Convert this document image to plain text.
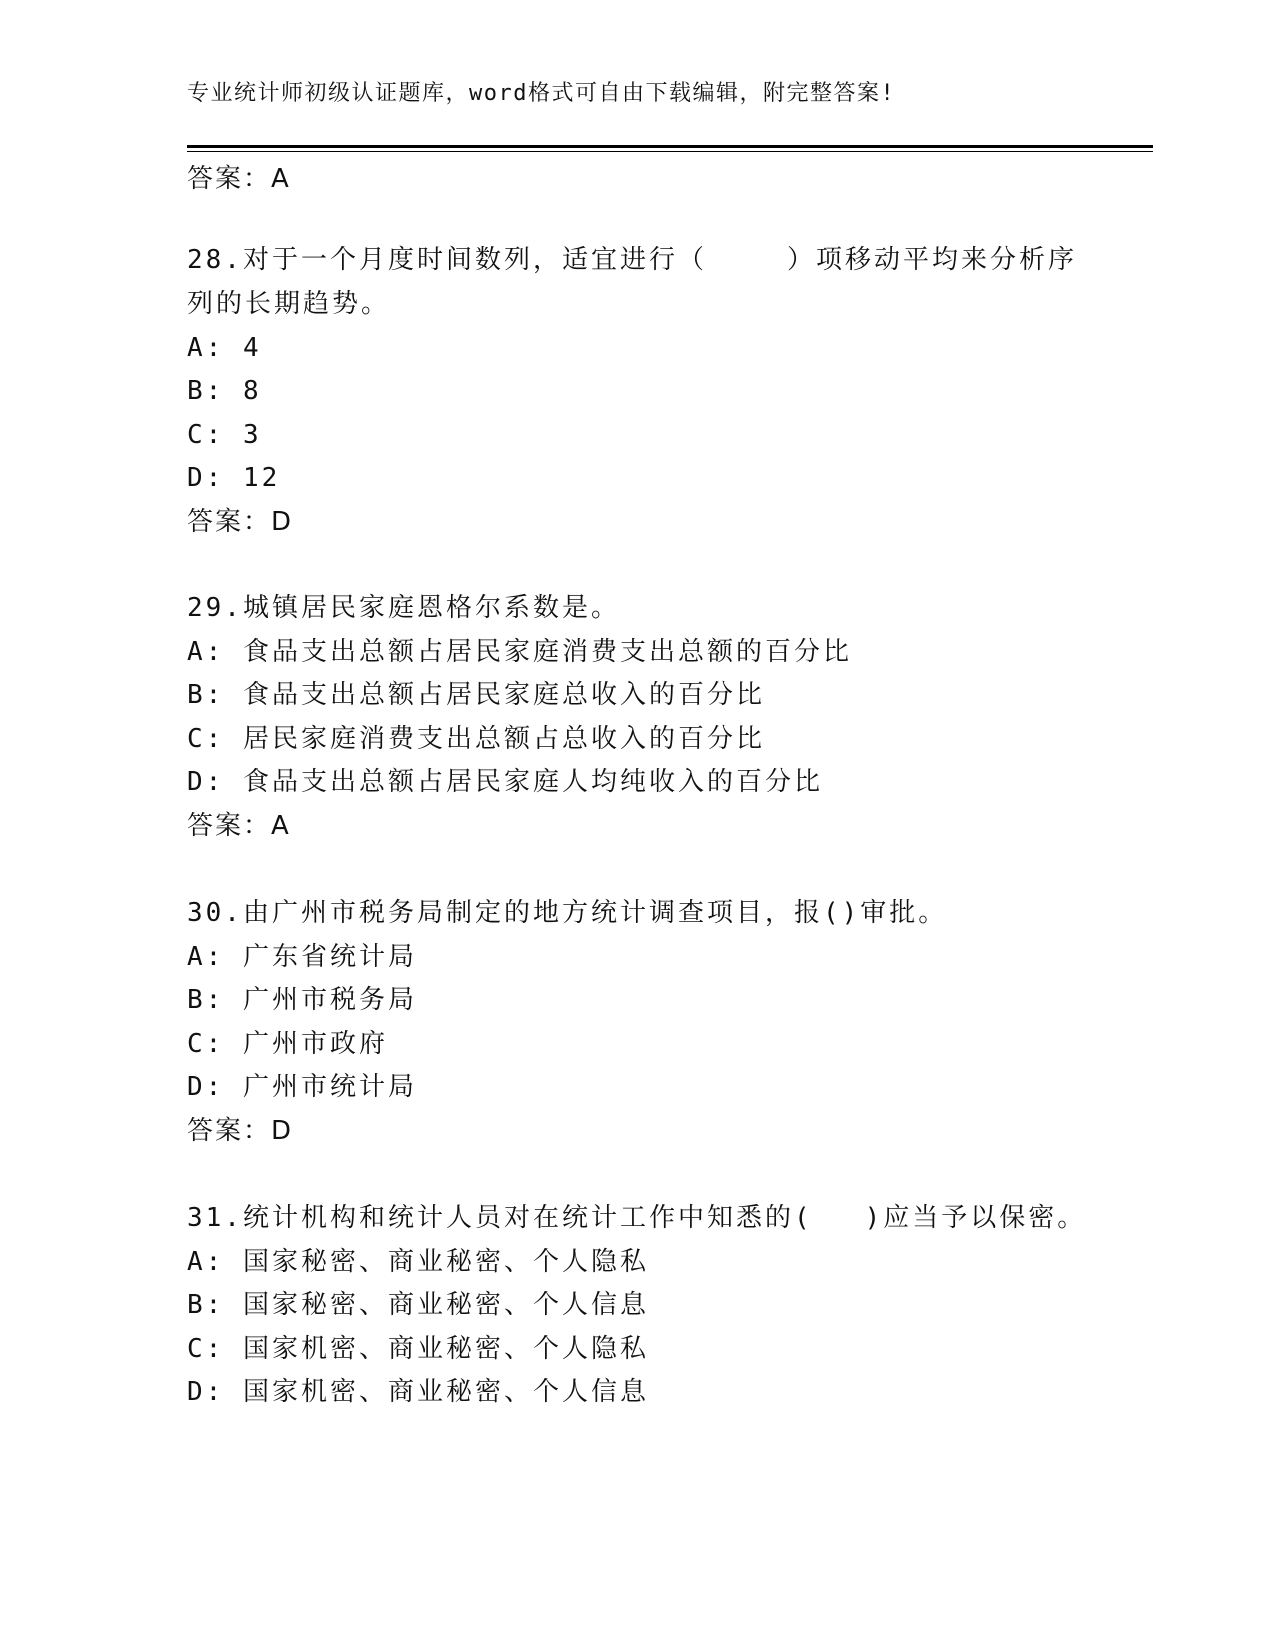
专业统计师初级认证题库，word格式可自由下载编辑，附完整答案!
答案：A
28.对于一个月度时间数列，适宜进行（	）项移动平均来分析序
列的长期趋势。
A: 4
B: 8
C: 3
D: 12
答案：D
29.城镇居民家庭恩格尔系数是。
A: 食品支出总额占居民家庭消费支出总额的百分比
B: 食品支出总额占居民家庭总收入的百分比
C: 居民家庭消费支出总额占总收入的百分比
D: 食品支出总额占居民家庭人均纯收入的百分比
答案：A
30.由广州市税务局制定的地方统计调查项目，报()审批。
A: 广东省统计局
B: 广州市税务局
C: 广州市政府
D: 广州市统计局
答案：D
31.统计机构和统计人员对在统计工作中知悉的( )应当予以保密。
A: 国家秘密、商业秘密、个人隐私
B: 国家秘密、商业秘密、个人信息
C: 国家机密、商业秘密、个人隐私
D: 国家机密、商业秘密、个人信息
